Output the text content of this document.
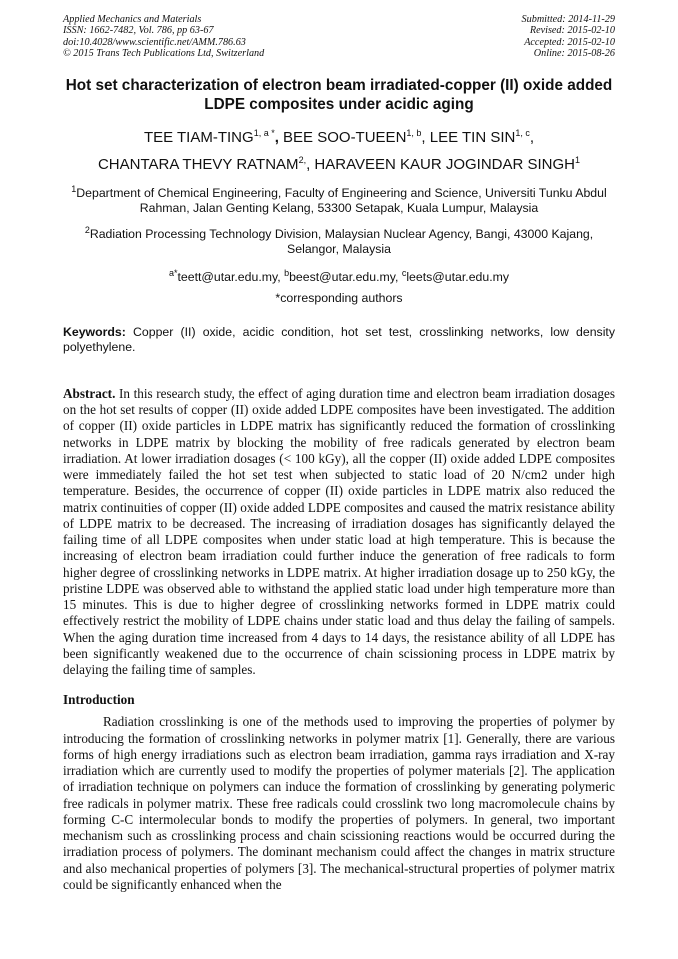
Applied Mechanics and Materials
ISSN: 1662-7482, Vol. 786, pp 63-67
doi:10.4028/www.scientific.net/AMM.786.63
© 2015 Trans Tech Publications Ltd, Switzerland
Submitted: 2014-11-29
Revised: 2015-02-10
Accepted: 2015-02-10
Online: 2015-08-26
Hot set characterization of electron beam irradiated-copper (II) oxide added LDPE composites under acidic aging
TEE TIAM-$TING^{1, a *}$, BEE SOO-TUEEN$^{1, b}$, LEE TIN SIN$^{1, c}$,
CHANTARA THEVY $RATNAM^{2,}$, HARAVEEN KAUR JOGINDAR SINGH$^1$
$^1$Department of Chemical Engineering, Faculty of Engineering and Science, Universiti Tunku Abdul Rahman, Jalan Genting Kelang, 53300 Setapak, Kuala Lumpur, Malaysia
$^2$Radiation Processing Technology Division, Malaysian Nuclear Agency, Bangi, 43000 Kajang, Selangor, Malaysia
$^{a*}$teett@utar.edu.my, $^b$beest@utar.edu.my, $^c$leets@utar.edu.my
*corresponding authors
Keywords: Copper (II) oxide, acidic condition, hot set test, crosslinking networks, low density polyethylene.
Abstract. In this research study, the effect of aging duration time and electron beam irradiation dosages on the hot set results of copper (II) oxide added LDPE composites have been investigated. The addition of copper (II) oxide particles in LDPE matrix has significantly reduced the formation of crosslinking networks in LDPE matrix by blocking the mobility of free radicals generated by electron beam irradiation. At lower irradiation dosages (< 100 kGy), all the copper (II) oxide added LDPE composites were immediately failed the hot set test when subjected to static load of 20 N/cm2 under high temperature. Besides, the occurrence of copper (II) oxide particles in LDPE matrix also reduced the matrix continuities of copper (II) oxide added LDPE composites and caused the matrix resistance ability of LDPE matrix to be decreased. The increasing of irradiation dosages has significantly delayed the failing time of all LDPE composites when under static load at high temperature. This is because the increasing of electron beam irradiation could further induce the generation of free radicals to form higher degree of crosslinking networks in LDPE matrix. At higher irradiation dosage up to 250 kGy, the pristine LDPE was observed able to withstand the applied static load under high temperature more than 15 minutes. This is due to higher degree of crosslinking networks formed in LDPE matrix could effectively restrict the mobility of LDPE chains under static load and thus delay the failing of sampels. When the aging duration time increased from 4 days to 14 days, the resistance ability of all LDPE has been significantly weakened due to the occurrence of chain scissioning process in LDPE matrix by delaying the failing time of samples.
Introduction
Radiation crosslinking is one of the methods used to improving the properties of polymer by introducing the formation of crosslinking networks in polymer matrix [1]. Generally, there are various forms of high energy irradiations such as electron beam irradiation, gamma rays irradiation and X-ray irradiation which are currently used to modify the properties of polymer materials [2]. The application of irradiation technique on polymers can induce the formation of crosslinking by generating polymeric free radicals in polymer matrix. These free radicals could crosslink two long macromolecule chains by forming C-C intermolecular bonds to modify the properties of polymers. In general, two important mechanism such as crosslinking process and chain scissioning reactions would be occurred during the irradiation process of polymers. The dominant mechanism could affect the changes in matrix structure and also mechanical properties of polymers [3]. The mechanical-structural properties of polymer matrix could be significantly enhanced when the
